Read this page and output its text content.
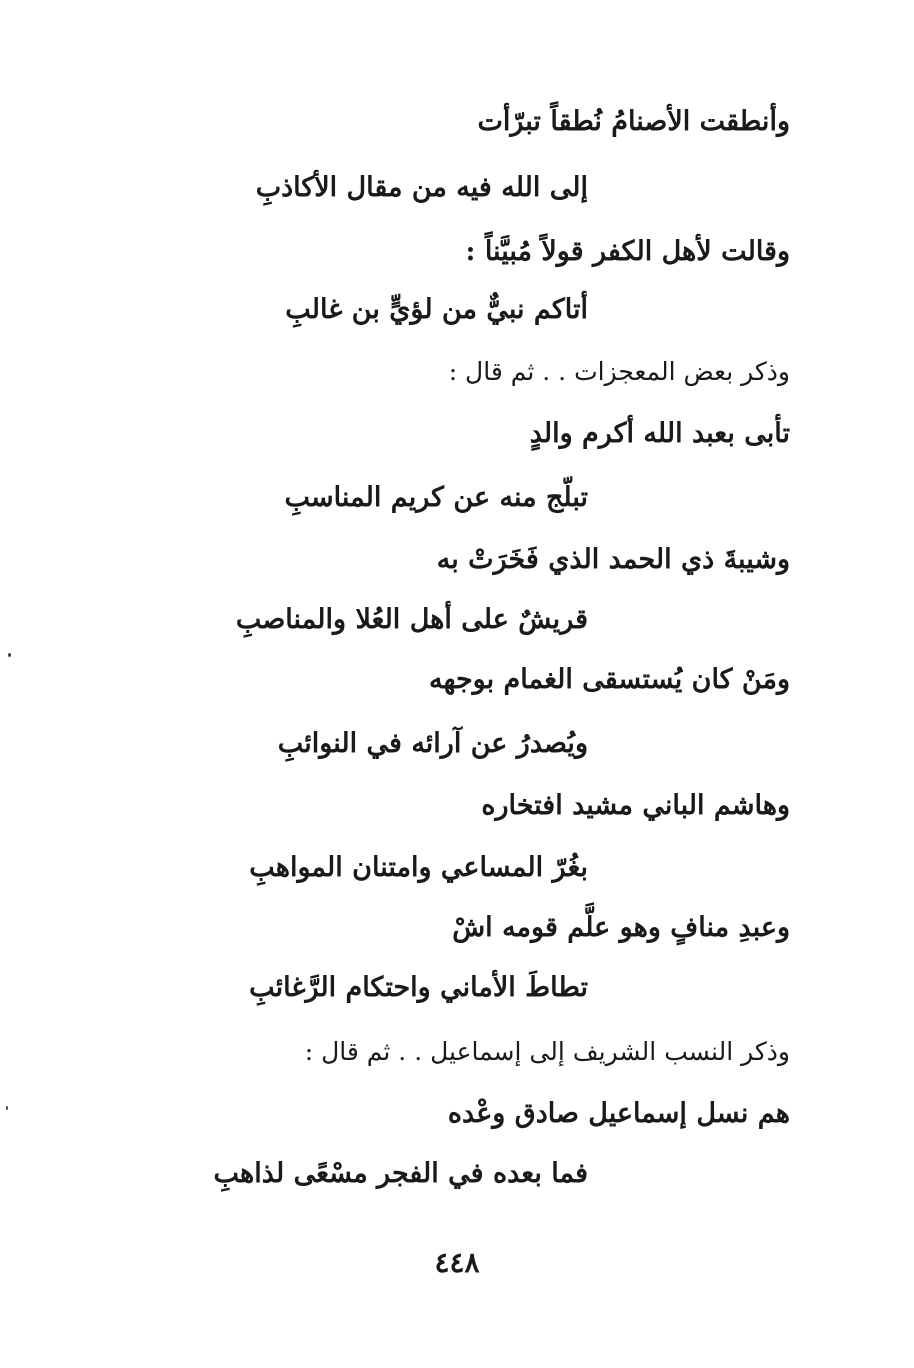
وأنطقت الأصنامُ نُطقاً تبرّأت
إلى الله فيه من مقال الأكاذبِ
وقالت لأهل الكفر قولاً مُبيَّناً :
أتاكم نبيٌّ من لؤيٍّ بن غالبِ
وذكر بعض المعجزات . . ثم قال :
تأبى بعبد الله أكرم والدٍ
تبلّج منه عن كريم المناسبِ
وشيبةَ ذي الحمد الذي فَخَرَتْ به
قريشٌ على أهل العُلا والمناصبِ
ومَنْ كان يُستسقى الغمام بوجهه
ويُصدرُ عن آرائه في النوائبِ
وهاشم الباني مشيد افتخاره
بغُرّ المساعي وامتنان المواهبِ
وعبدِ منافٍ وهو علَّم قومه اشْ
تطاطَ الأماني واحتكام الرَّغائبِ
وذكر النسب الشريف إلى إسماعيل . . ثم قال :
هم نسل إسماعيل صادق وعْده
فما بعده في الفجر مسْعًى لذاهبِ
٤٤٨
